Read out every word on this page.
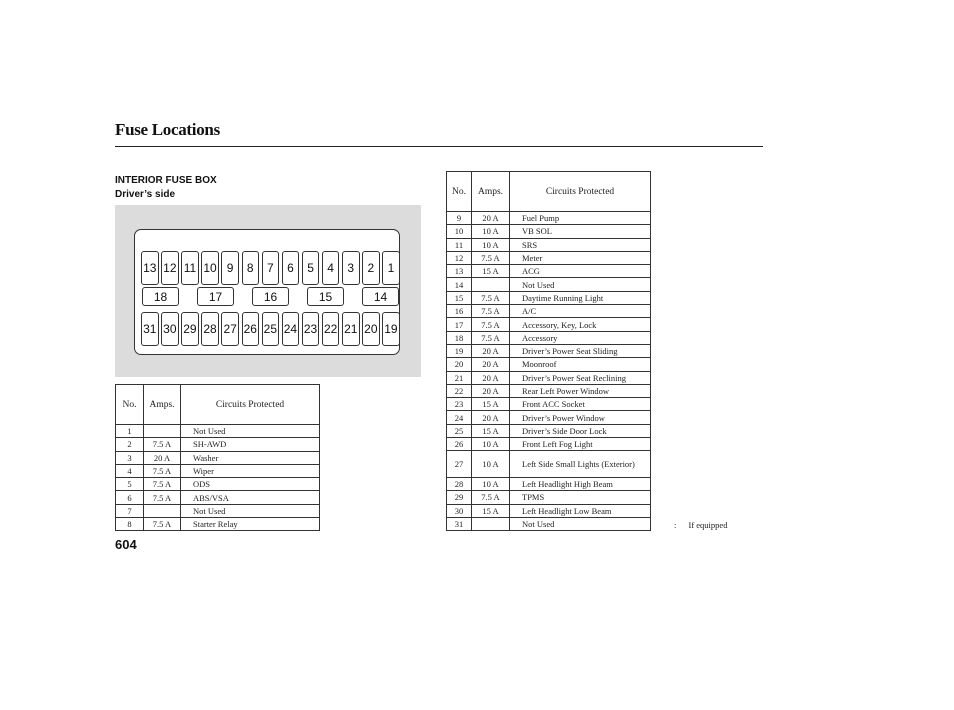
Fuse Locations
INTERIOR FUSE BOX
Driver’s side
13 12 11 10 9	8	7	6	5	4	3	2	1
31 30 29 28 27 26 25 24 23 22 21 20 19
18	17	16	15	14
No.	Amps.	Circuits Protected
1		Not Used
2	7.5 A	SH-AWD
3	20 A	Washer
4	7.5 A	Wiper
5	7.5 A	ODS
6	7.5 A	ABS/VSA
7		Not Used
8	7.5 A	Starter Relay
No.	Amps.	Circuits Protected
9	20 A	Fuel Pump
10	10 A	VB SOL
11	10 A	SRS
12	7.5 A	Meter
13	15 A	ACG
14		Not Used
15	7.5 A	Daytime Running Light
16	7.5 A	A/C
17	7.5 A	Accessory, Key, Lock
18	7.5 A	Accessory
19	20 A	Driver’s Power Seat Sliding
20	20 A	Moonroof
21	20 A	Driver’s Power Seat Reclining
22	20 A	Rear Left Power Window
23	15 A	Front ACC Socket
24	20 A	Driver’s Power Window
25	15 A	Driver’s Side Door Lock
26	10 A	Front Left Fog Light
27	10 A	Left Side Small Lights (Exterior)
28	10 A	Left Headlight High Beam
29	7.5 A	TPMS
30	15 A	Left Headlight Low Beam
31		Not Used
604
: If equipped
